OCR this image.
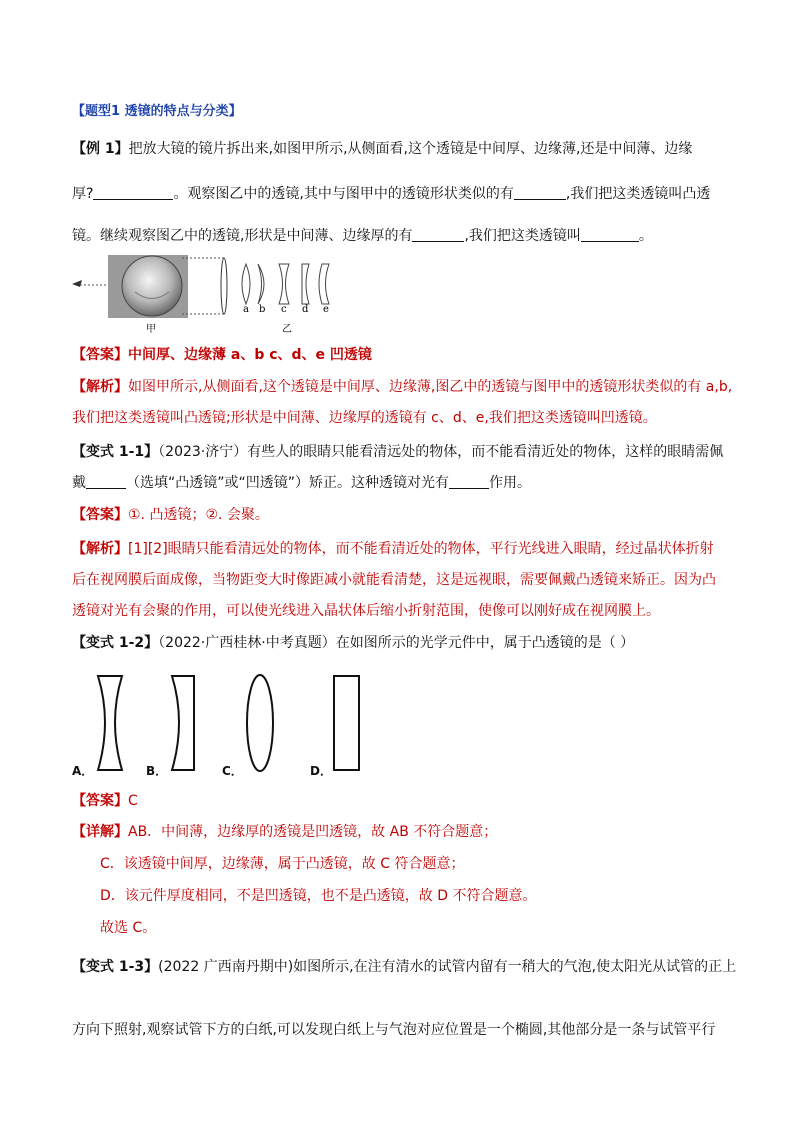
【题型1 透镜的特点与分类】
【例 1】把放大镜的镜片拆出来,如图甲所示,从侧面看,这个透镜是中间厚、边缘薄,还是中间薄、边缘
厚?	。观察图乙中的透镜,其中与图甲中的透镜形状类似的有	,我们把这类透镜叫凸透
镜。继续观察图乙中的透镜,形状是中间薄、边缘厚的有	,我们把这类透镜叫	。
a b c d e
甲	乙
【答案】中间厚、边缘薄 a、b c、d、e 凹透镜
【解析】如图甲所示,从侧面看,这个透镜是中间厚、边缘薄,图乙中的透镜与图甲中的透镜形状类似的有 a,b,
我们把这类透镜叫凸透镜;形状是中间薄、边缘厚的透镜有 c、d、e,我们把这类透镜叫凹透镜。
【变式 1-1】（2023·济宁）有些人的眼睛只能看清远处的物体，而不能看清近处的物体，这样的眼睛需佩
戴	（选填“凸透镜”或“凹透镜”）矫正。这种透镜对光有	作用。
【答案】①. 凸透镜；②. 会聚。
【解析】[1][2]眼睛只能看清远处的物体，而不能看清近处的物体，平行光线进入眼睛，经过晶状体折射
后在视网膜后面成像，当物距变大时像距减小就能看清楚，这是远视眼，需要佩戴凸透镜来矫正。因为凸
透镜对光有会聚的作用，可以使光线进入晶状体后缩小折射范围，使像可以刚好成在视网膜上。
【变式 1-2】（2022·广西桂林·中考真题）在如图所示的光学元件中，属于凸透镜的是（ ）
A．	B．	C．	D．
【答案】C
【详解】AB．中间薄，边缘厚的透镜是凹透镜，故 AB 不符合题意；
C．该透镜中间厚，边缘薄，属于凸透镜，故 C 符合题意；
D．该元件厚度相同，不是凹透镜，也不是凸透镜，故 D 不符合题意。
故选 C。
【变式 1-3】(2022 广西南丹期中)如图所示,在注有清水的试管内留有一稍大的气泡,使太阳光从试管的正上
方向下照射,观察试管下方的白纸,可以发现白纸上与气泡对应位置是一个椭圆,其他部分是一条与试管平行
